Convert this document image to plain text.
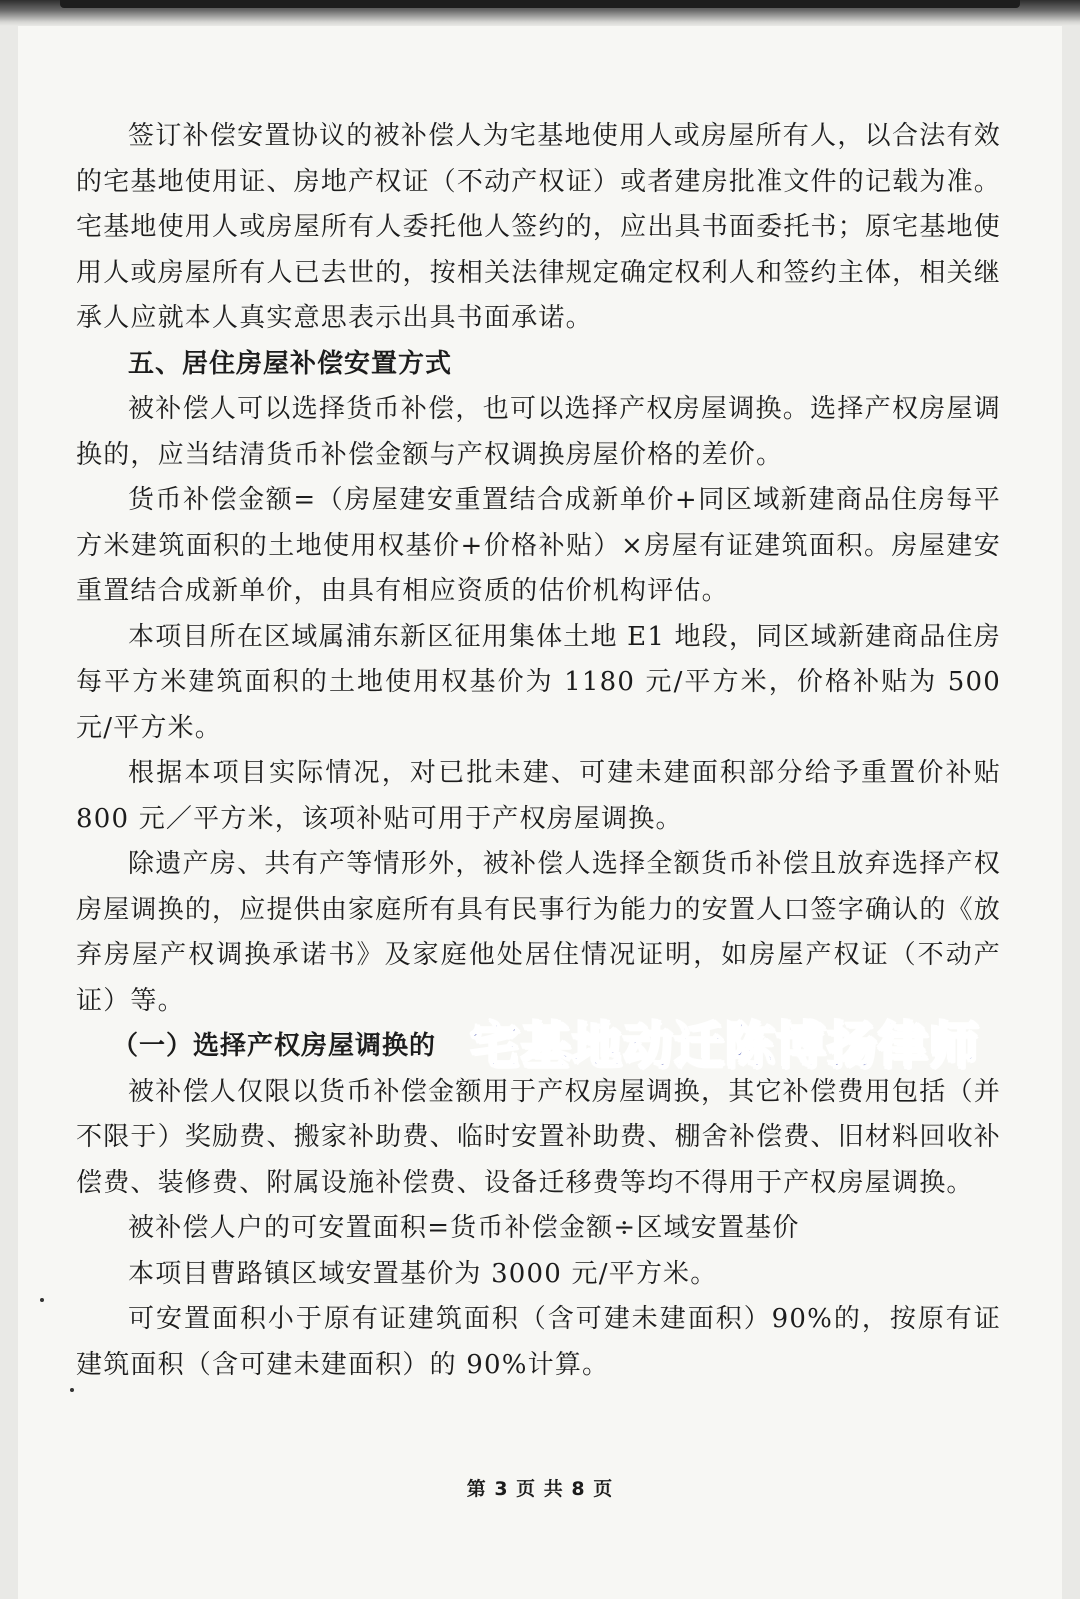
签订补偿安置协议的被补偿人为宅基地使用人或房屋所有人，以合法有效的宅基地使用证、房地产权证（不动产权证）或者建房批准文件的记载为准。宅基地使用人或房屋所有人委托他人签约的，应出具书面委托书；原宅基地使用人或房屋所有人已去世的，按相关法律规定确定权利人和签约主体，相关继承人应就本人真实意思表示出具书面承诺。

五、居住房屋补偿安置方式

被补偿人可以选择货币补偿，也可以选择产权房屋调换。选择产权房屋调换的，应当结清货币补偿金额与产权调换房屋价格的差价。

货币补偿金额=（房屋建安重置结合成新单价+同区域新建商品住房每平方米建筑面积的土地使用权基价+价格补贴）×房屋有证建筑面积。房屋建安重置结合成新单价，由具有相应资质的估价机构评估。

本项目所在区域属浦东新区征用集体土地 E1 地段，同区域新建商品住房每平方米建筑面积的土地使用权基价为 1180 元/平方米，价格补贴为 500 元/平方米。

根据本项目实际情况，对已批未建、可建未建面积部分给予重置价补贴 800 元／平方米，该项补贴可用于产权房屋调换。

除遗产房、共有产等情形外，被补偿人选择全额货币补偿且放弃选择产权房屋调换的，应提供由家庭所有具有民事行为能力的安置人口签字确认的《放弃房屋产权调换承诺书》及家庭他处居住情况证明，如房屋产权证（不动产证）等。

（一）选择产权房屋调换的

被补偿人仅限以货币补偿金额用于产权房屋调换，其它补偿费用包括（并不限于）奖励费、搬家补助费、临时安置补助费、棚舍补偿费、旧材料回收补偿费、装修费、附属设施补偿费、设备迁移费等均不得用于产权房屋调换。

被补偿人户的可安置面积=货币补偿金额÷区域安置基价

本项目曹路镇区域安置基价为 3000 元/平方米。

可安置面积小于原有证建筑面积（含可建未建面积）90%的，按原有证建筑面积（含可建未建面积）的 90%计算。

宅基地动迁陈博扬律师
第 3 页 共 8 页
